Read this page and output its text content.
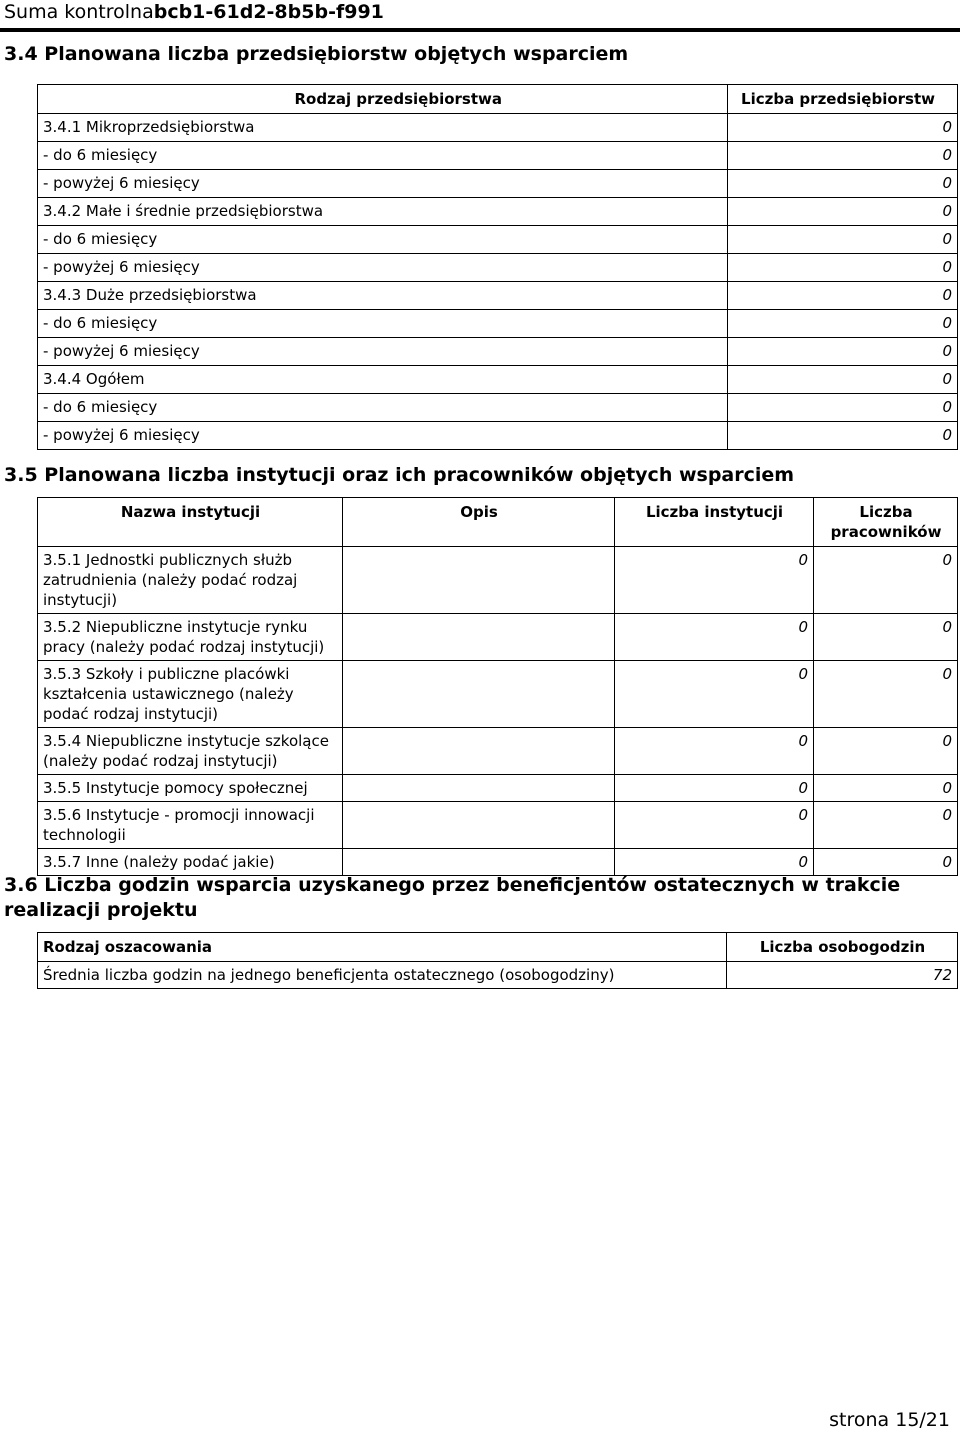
Suma kontrolnabcb1-61d2-8b5b-f991
3.4 Planowana liczba przedsiębiorstw objętych wsparciem
Rodzaj przedsiębiorstwa	Liczba przedsiębiorstw
3.4.1 Mikroprzedsiębiorstwa	0
- do 6 miesięcy	0
- powyżej 6 miesięcy	0
3.4.2 Małe i średnie przedsiębiorstwa	0
- do 6 miesięcy	0
- powyżej 6 miesięcy	0
3.4.3 Duże przedsiębiorstwa	0
- do 6 miesięcy	0
- powyżej 6 miesięcy	0
3.4.4 Ogółem	0
- do 6 miesięcy	0
- powyżej 6 miesięcy	0
3.5 Planowana liczba instytucji oraz ich pracowników objętych wsparciem
Nazwa instytucji	Opis	Liczba instytucji	Liczba pracowników
3.5.1 Jednostki publicznych służb zatrudnienia (należy podać rodzaj instytucji)		0	0
3.5.2 Niepubliczne instytucje rynku pracy (należy podać rodzaj instytucji)		0	0
3.5.3 Szkoły i publiczne placówki kształcenia ustawicznego (należy podać rodzaj instytucji)		0	0
3.5.4 Niepubliczne instytucje szkolące (należy podać rodzaj instytucji)		0	0
3.5.5 Instytucje pomocy społecznej		0	0
3.5.6 Instytucje - promocji innowacji technologii		0	0
3.5.7 Inne (należy podać jakie)		0	0
3.6 Liczba godzin wsparcia uzyskanego przez beneficjentów ostatecznych w trakcie realizacji projektu
Rodzaj oszacowania	Liczba osobogodzin
Średnia liczba godzin na jednego beneficjenta ostatecznego (osobogodziny)	72
strona 15/21
